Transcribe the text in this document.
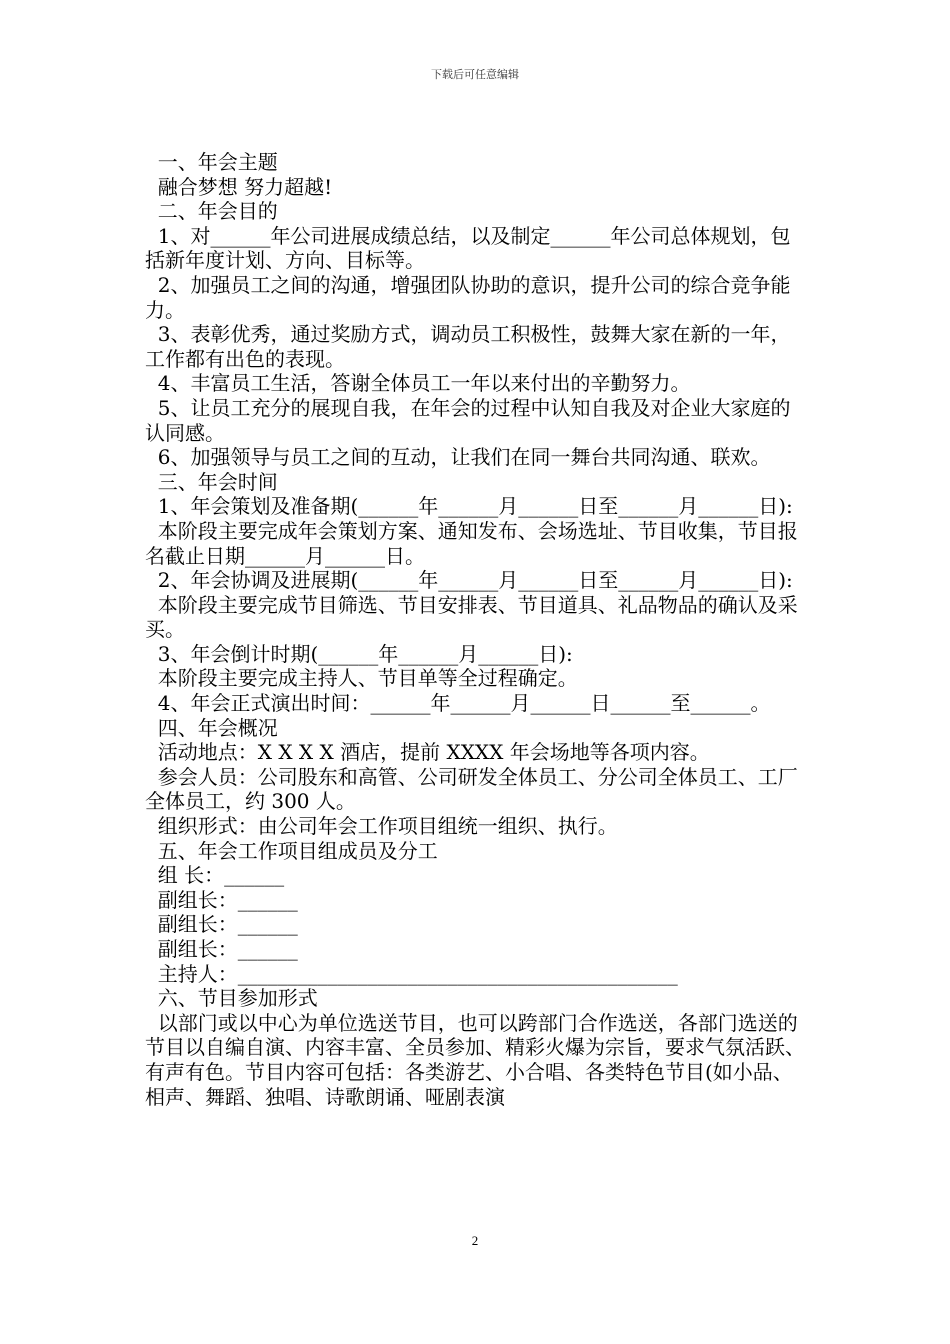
下载后可任意编辑

一、年会主题

融合梦想 努力超越!

二、年会目的

1、对______年公司进展成绩总结，以及制定______年公司总体规划，包括新年度计划、方向、目标等。

2、加强员工之间的沟通，增强团队协助的意识，提升公司的综合竞争能力。

3、表彰优秀，通过奖励方式，调动员工积极性，鼓舞大家在新的一年，工作都有出色的表现。

4、丰富员工生活，答谢全体员工一年以来付出的辛勤努力。

5、让员工充分的展现自我，在年会的过程中认知自我及对企业大家庭的认同感。

6、加强领导与员工之间的互动，让我们在同一舞台共同沟通、联欢。

三、年会时间

1、年会策划及准备期(______年______月______日至______月______日):

本阶段主要完成年会策划方案、通知发布、会场选址、节目收集，节目报名截止日期______月______日。

2、年会协调及进展期(______年______月______日至______月______日):

本阶段主要完成节目筛选、节目安排表、节目道具、礼品物品的确认及采买。

3、年会倒计时期(______年______月______日):

本阶段主要完成主持人、节目单等全过程确定。

4、年会正式演出时间：______年______月______日______至______。

四、年会概况

活动地点：X X X X 酒店，提前 XXXX 年会场地等各项内容。

参会人员：公司股东和高管、公司研发全体员工、分公司全体员工、工厂全体员工，约 300 人。

组织形式：由公司年会工作项目组统一组织、执行。

五、年会工作项目组成员及分工

组 长：______

副组长：______

副组长：______

副组长：______

主持人：____________________________________________

六、节目参加形式

以部门或以中心为单位选送节目，也可以跨部门合作选送，各部门选送的节目以自编自演、内容丰富、全员参加、精彩火爆为宗旨，要求气氛活跃、有声有色。节目内容可包括：各类游艺、小合唱、各类特色节目(如小品、相声、舞蹈、独唱、诗歌朗诵、哑剧表演

2
